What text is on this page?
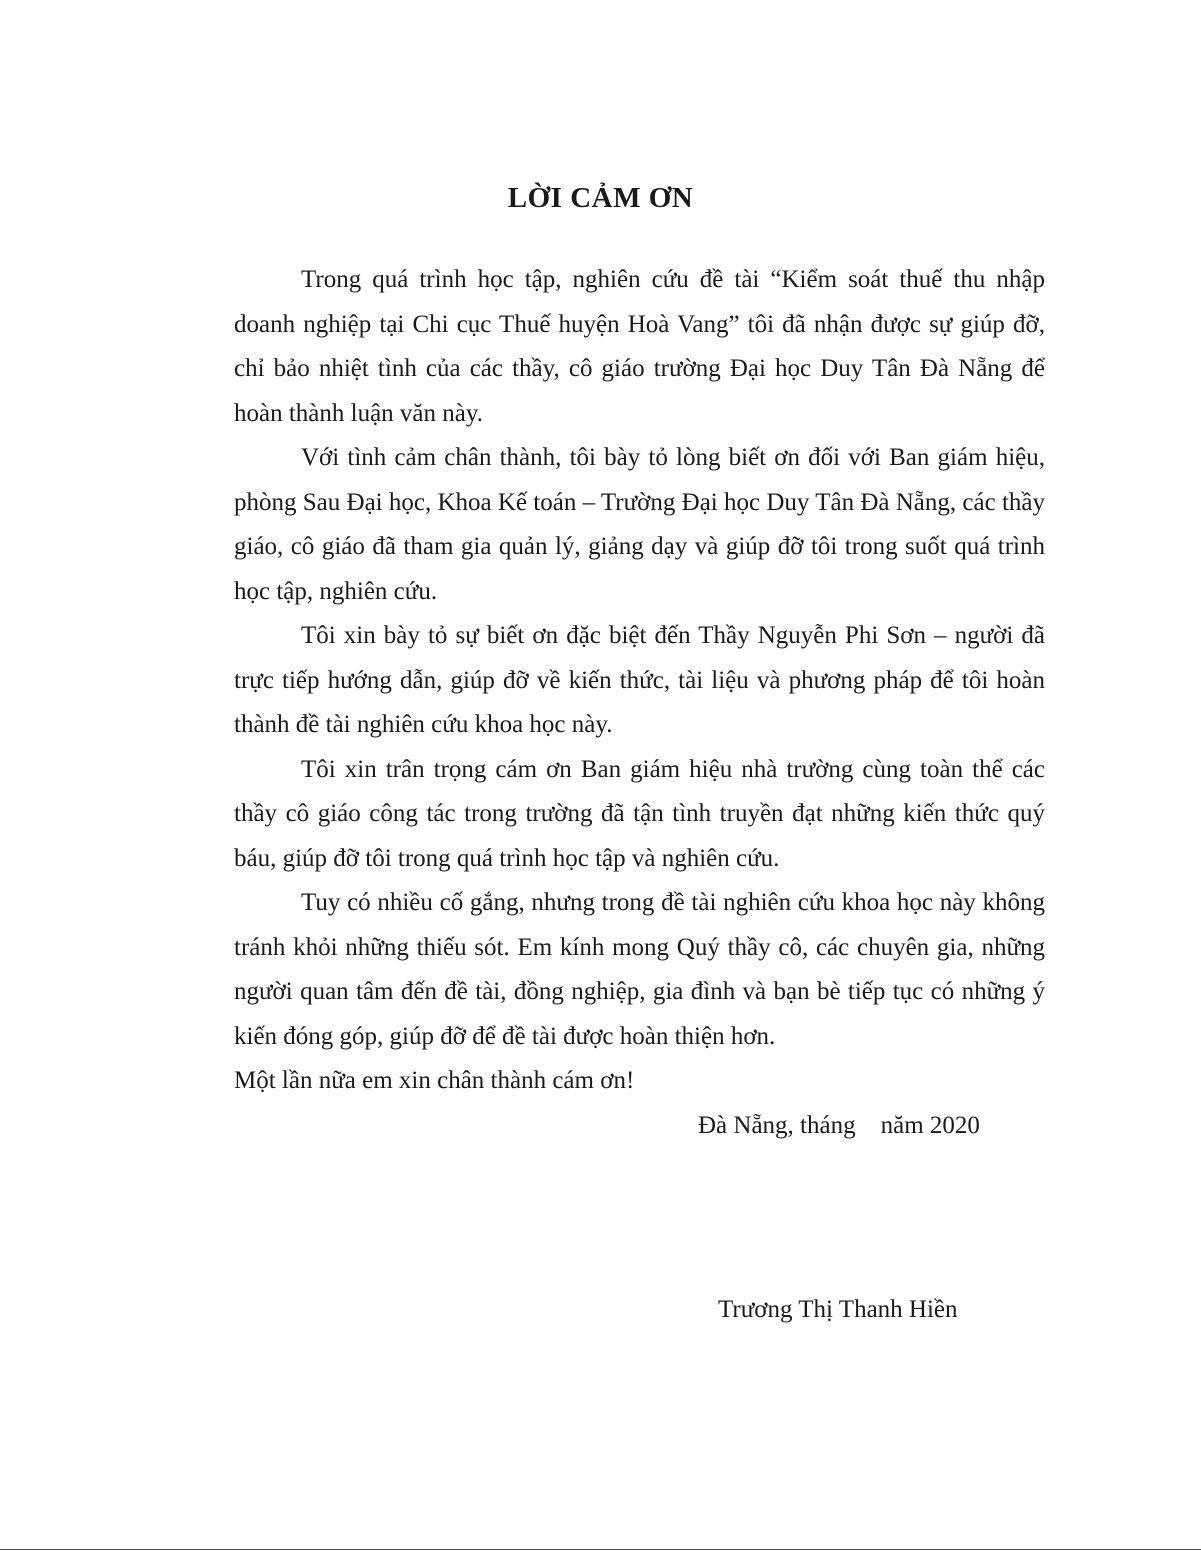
LỜI CẢM ƠN

Trong quá trình học tập, nghiên cứu đề tài “Kiểm soát thuế thu nhập doanh nghiệp tại Chi cục Thuế huyện Hoà Vang” tôi đã nhận được sự giúp đỡ, chỉ bảo nhiệt tình của các thầy, cô giáo trường Đại học Duy Tân Đà Nẵng để hoàn thành luận văn này.

Với tình cảm chân thành, tôi bày tỏ lòng biết ơn đối với Ban giám hiệu, phòng Sau Đại học, Khoa Kế toán – Trường Đại học Duy Tân Đà Nẵng, các thầy giáo, cô giáo đã tham gia quản lý, giảng dạy và giúp đỡ tôi trong suốt quá trình học tập, nghiên cứu.

Tôi xin bày tỏ sự biết ơn đặc biệt đến Thầy Nguyễn Phi Sơn – người đã trực tiếp hướng dẫn, giúp đỡ về kiến thức, tài liệu và phương pháp để tôi hoàn thành đề tài nghiên cứu khoa học này.

Tôi xin trân trọng cám ơn Ban giám hiệu nhà trường cùng toàn thể các thầy cô giáo công tác trong trường đã tận tình truyền đạt những kiến thức quý báu, giúp đỡ tôi trong quá trình học tập và nghiên cứu.

Tuy có nhiều cố gắng, nhưng trong đề tài nghiên cứu khoa học này không tránh khỏi những thiếu sót. Em kính mong Quý thầy cô, các chuyên gia, những người quan tâm đến đề tài, đồng nghiệp, gia đình và bạn bè tiếp tục có những ý kiến đóng góp, giúp đỡ để đề tài được hoàn thiện hơn.

Một lần nữa em xin chân thành cám ơn!

Đà Nẵng, tháng    năm 2020
Trương Thị Thanh Hiền
